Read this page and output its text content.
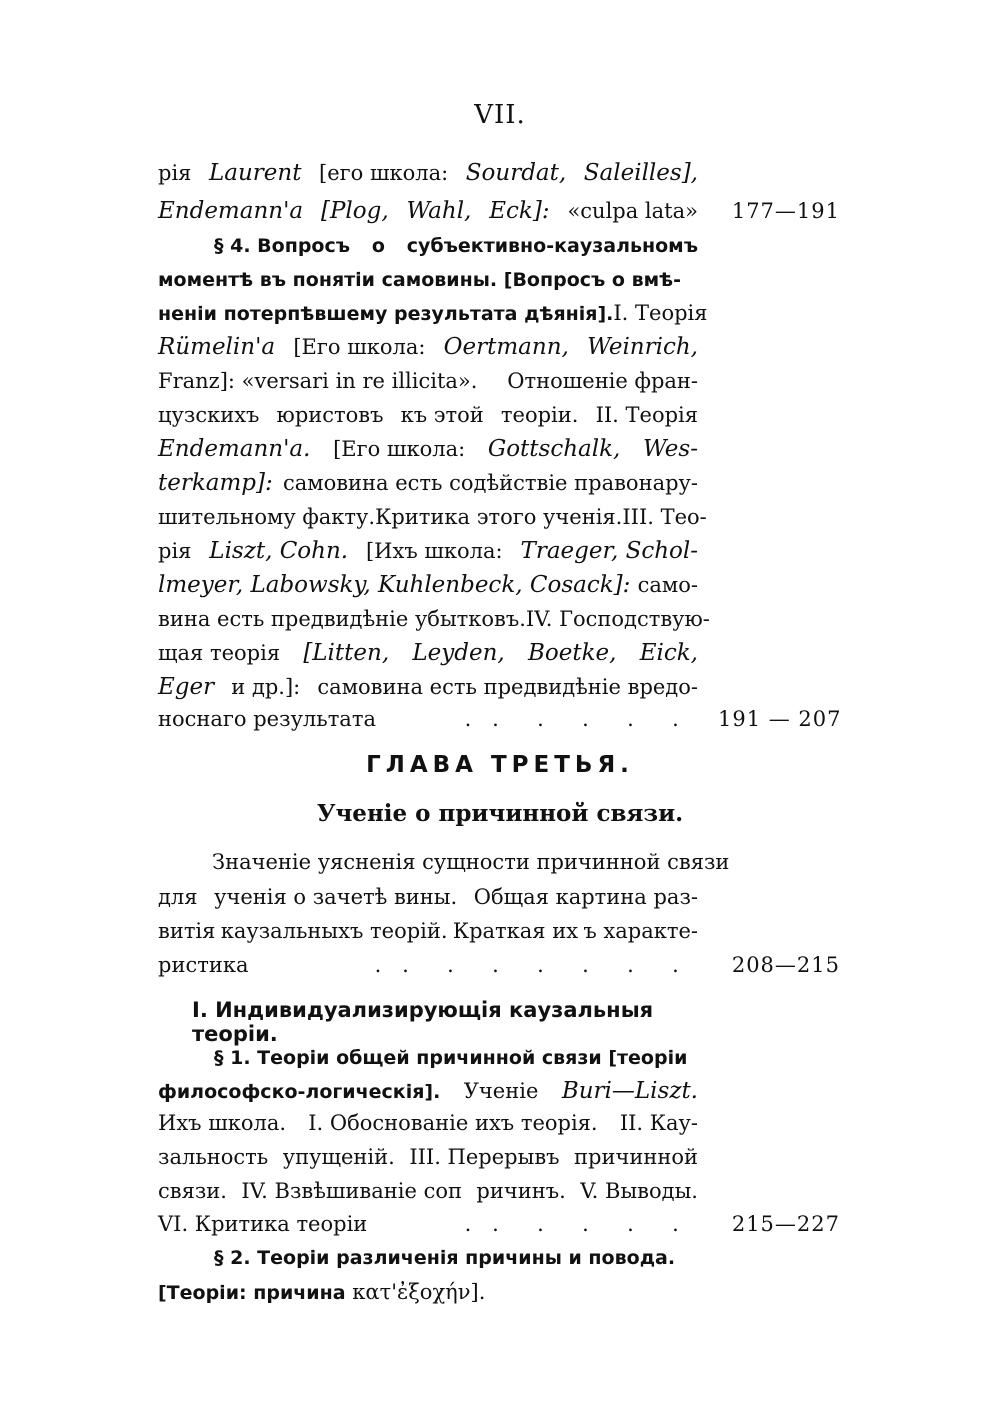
VII.
рія Laurent [его школа: Sourdat, Saleilles],
Endemann'a [Plog, Wahl, Eck]: «culpa lata»	177—191
§ 4. Вопросъ о субъективно-каузальномъ
моментѣ въ понятіи самовины. [Вопросъ о вмѣ-
неніи потерпѣвшему результата дѣянія]. I. Теорія
Rümelin'a [Его школа: Oertmann, Weinrich,
Franz]: «versari in re illicita». Отношеніе фран-
цузскихъ юристовъ къ этой теоріи. II. Теорія
Endemann'a. [Его школа: Gottschalk, Wes-
terkamp]: самовина есть содѣйствіе правонару-
шительному факту. Критика этого ученія. III. Тео-
рія Liszt, Cohn. [Ихъ школа: Traeger, Schol-
lmeyer, Labowsky, Kuhlenbeck, Cosack]: само-
вина есть предвидѣніе убытковъ. IV. Господствую-
щая теорія [Litten, Leyden, Boetke, Eick,
Eger и др.]: самовина есть предвидѣніе вредо-
носнаго результата	. . . . . .	191 — 207
ГЛАВА ТРЕТЬЯ.
Ученіе о причинной связи.
Значеніе уясненія сущности причинной связи
для ученія о зачетѣ вины. Общая картина раз-
витія каузальныхъ теорій. Краткая их ъ характе-
ристика	. . . . . . . .	208—215
I. Индивидуализирующія каузальныя теоріи.
§ 1. Теоріи общей причинной связи [теоріи
философско-логическія]. Ученіе Buri—Liszt.
Ихъ школа. I. Обоснованіе ихъ теорія. II. Кау-
зальность упущеній. III. Перерывъ причинной
связи. IV. Взвѣшиваніе соп ричинъ. V. Выводы.
VI. Критика теоріи	. . . . . .	215—227
§ 2. Теоріи различенія причины и повода.
[Теоріи: причина κατ'ἐξοχήν].
